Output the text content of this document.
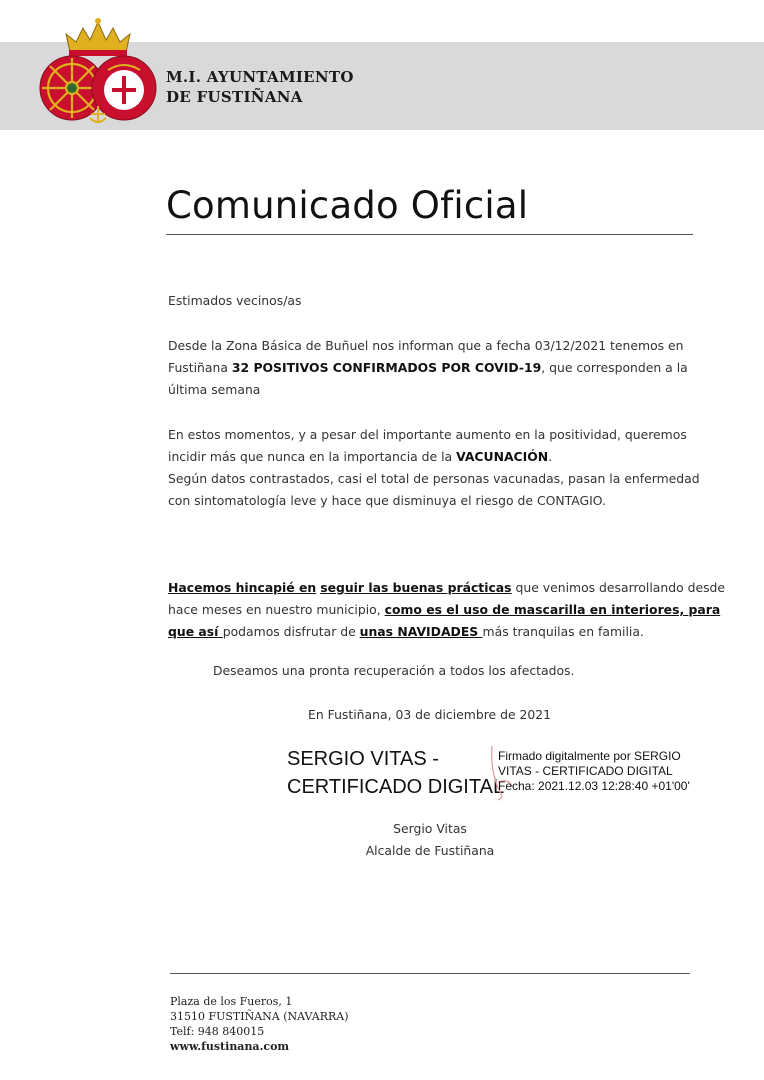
M.I. AYUNTAMIENTO
DE FUSTIÑANA
Comunicado Oficial
Estimados vecinos/as
Desde la Zona Básica de Buñuel nos informan que a fecha 03/12/2021 tenemos en
Fustiñana 32 POSITIVOS CONFIRMADOS POR COVID-19, que corresponden a la
última semana
En estos momentos, y a pesar del importante aumento en la positividad, queremos
incidir más que nunca en la importancia de la VACUNACIÓN.
Según datos contrastados, casi el total de personas vacunadas, pasan la enfermedad
con sintomatología leve y hace que disminuya el riesgo de CONTAGIO.
Hacemos hincapié en seguir las buenas prácticas que venimos desarrollando desde
hace meses en nuestro municipio, como es el uso de mascarilla en interiores, para
que así podamos disfrutar de unas NAVIDADES más tranquilas en familia.
Deseamos una pronta recuperación a todos los afectados.
En Fustiñana, 03 de diciembre de 2021
SERGIO VITAS -
CERTIFICADO DIGITAL
Firmado digitalmente por SERGIO
VITAS - CERTIFICADO DIGITAL
Fecha: 2021.12.03 12:28:40 +01'00'
Sergio Vitas
Alcalde de Fustiñana
Plaza de los Fueros, 1
31510 FUSTIÑANA (NAVARRA)
Telf: 948 840015
www.fustinana.com
